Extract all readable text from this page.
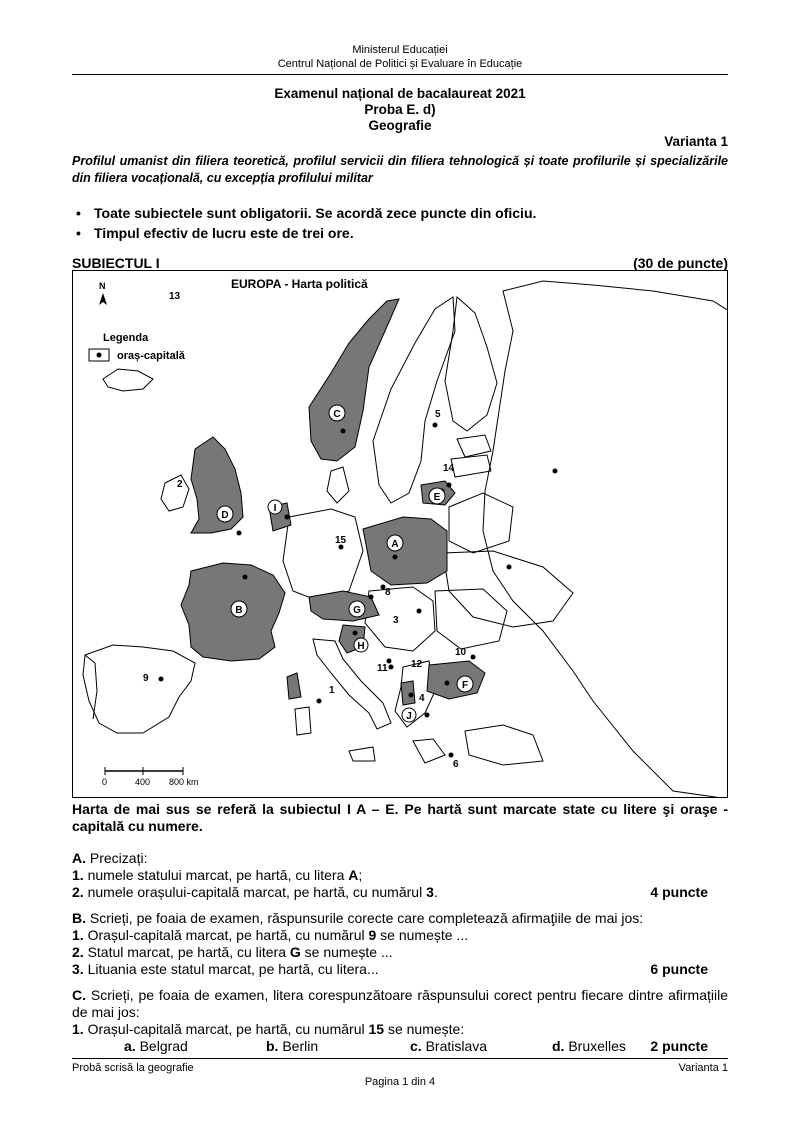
Ministerul Educației
Centrul Național de Politici și Evaluare în Educație
Examenul național de bacalaureat 2021
Proba E. d)
Geografie
Varianta 1
Profilul umanist din filiera teoretică, profilul servicii din filiera tehnologică și toate profilurile și specializările din filiera vocațională, cu excepția profilului militar
• Toate subiectele sunt obligatorii. Se acordă zece puncte din oficiu.
• Timpul efectiv de lucru este de trei ore.
SUBIECTUL I	(30 de puncte)
EUROPA - Harta politică
N
Legenda
oraș-capitală
0	400 800 km
A
B
C
D
E
F
G
H
I
J
1
2
3
4
5
6
8
9
10
11 12
13
14
15
Harta de mai sus se referă la subiectul I A – E. Pe hartă sunt marcate state cu litere şi oraşe - capitală cu numere.
A. Precizați:
1. numele statului marcat, pe hartă, cu litera A;
2. numele orașului-capitală marcat, pe hartă, cu numărul 3.	4 puncte
B. Scrieți, pe foaia de examen, răspunsurile corecte care completează afirmaţiile de mai jos:
1. Orașul-capitală marcat, pe hartă, cu numărul 9 se numește ...
2. Statul marcat, pe hartă, cu litera G se numește ...
3. Lituania este statul marcat, pe hartă, cu litera...	6 puncte
C. Scrieți, pe foaia de examen, litera corespunzătoare răspunsului corect pentru fiecare dintre afirmațiile de mai jos:
1. Orașul-capitală marcat, pe hartă, cu numărul 15 se numește:
a. Belgrad	b. Berlin	c. Bratislava	d. Bruxelles 2 puncte
Probă scrisă la geografie	Varianta 1
Pagina 1 din 4
